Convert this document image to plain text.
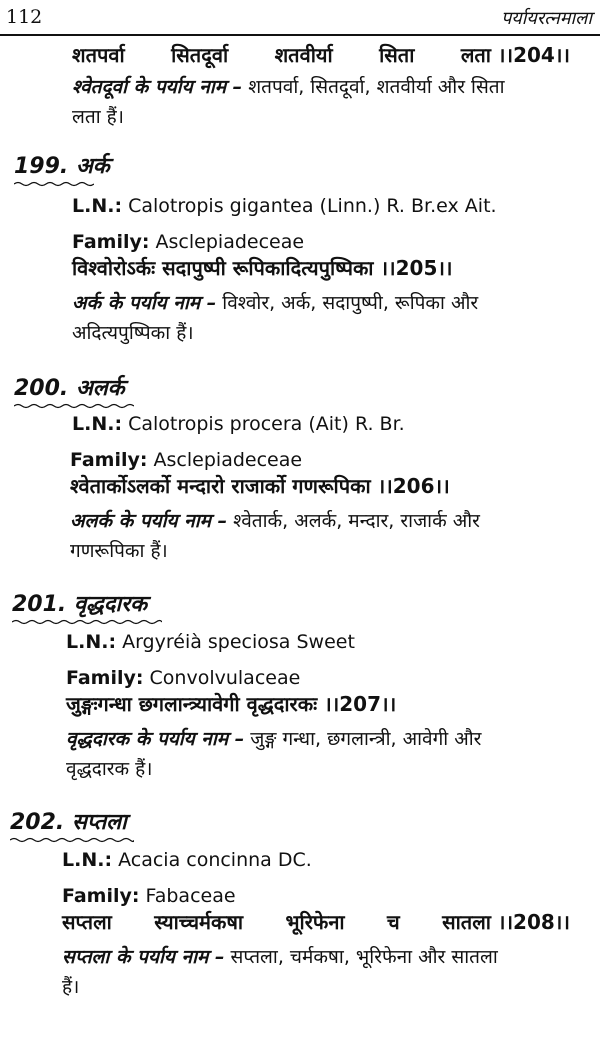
112	पर्यायरत्नमाला
शतपर्वा सितदूर्वा शतवीर्या सिता लता ।।204।।
श्वेतदूर्वा के पर्याय नाम – शतपर्वा, सितदूर्वा, शतवीर्या और सिता
लता हैं।
199. अर्क
L.N.: Calotropis gigantea (Linn.) R. Br.ex Ait.
Family: Asclepiadeceae
विश्वोरोऽर्कः सदापुष्पी रूपिकादित्यपुष्पिका ।।205।।
अर्क के पर्याय नाम – विश्वोर, अर्क, सदापुष्पी, रूपिका और
अदित्यपुष्पिका हैं।
200. अलर्क
L.N.: Calotropis procera (Ait) R. Br.
Family: Asclepiadeceae
श्वेतार्कोऽलर्को मन्दारो राजार्को गणरूपिका ।।206।।
अलर्क के पर्याय नाम – श्वेतार्क, अलर्क, मन्दार, राजार्क और
गणरूपिका हैं।
201. वृद्धदारक
L.N.: Argyréià speciosa Sweet
Family: Convolvulaceae
जुङ्गःगन्धा छगलान्त्र्यावेगी वृद्धदारकः ।।207।।
वृद्धदारक के पर्याय नाम – जुङ्ग गन्धा, छगलान्त्री, आवेगी और
वृद्धदारक हैं।
202. सप्तला
L.N.: Acacia concinna DC.
Family: Fabaceae
सप्तला स्याच्चर्मकषा भूरिफेना च सातला ।।208।।
सप्तला के पर्याय नाम – सप्तला, चर्मकषा, भूरिफेना और सातला
हैं।
